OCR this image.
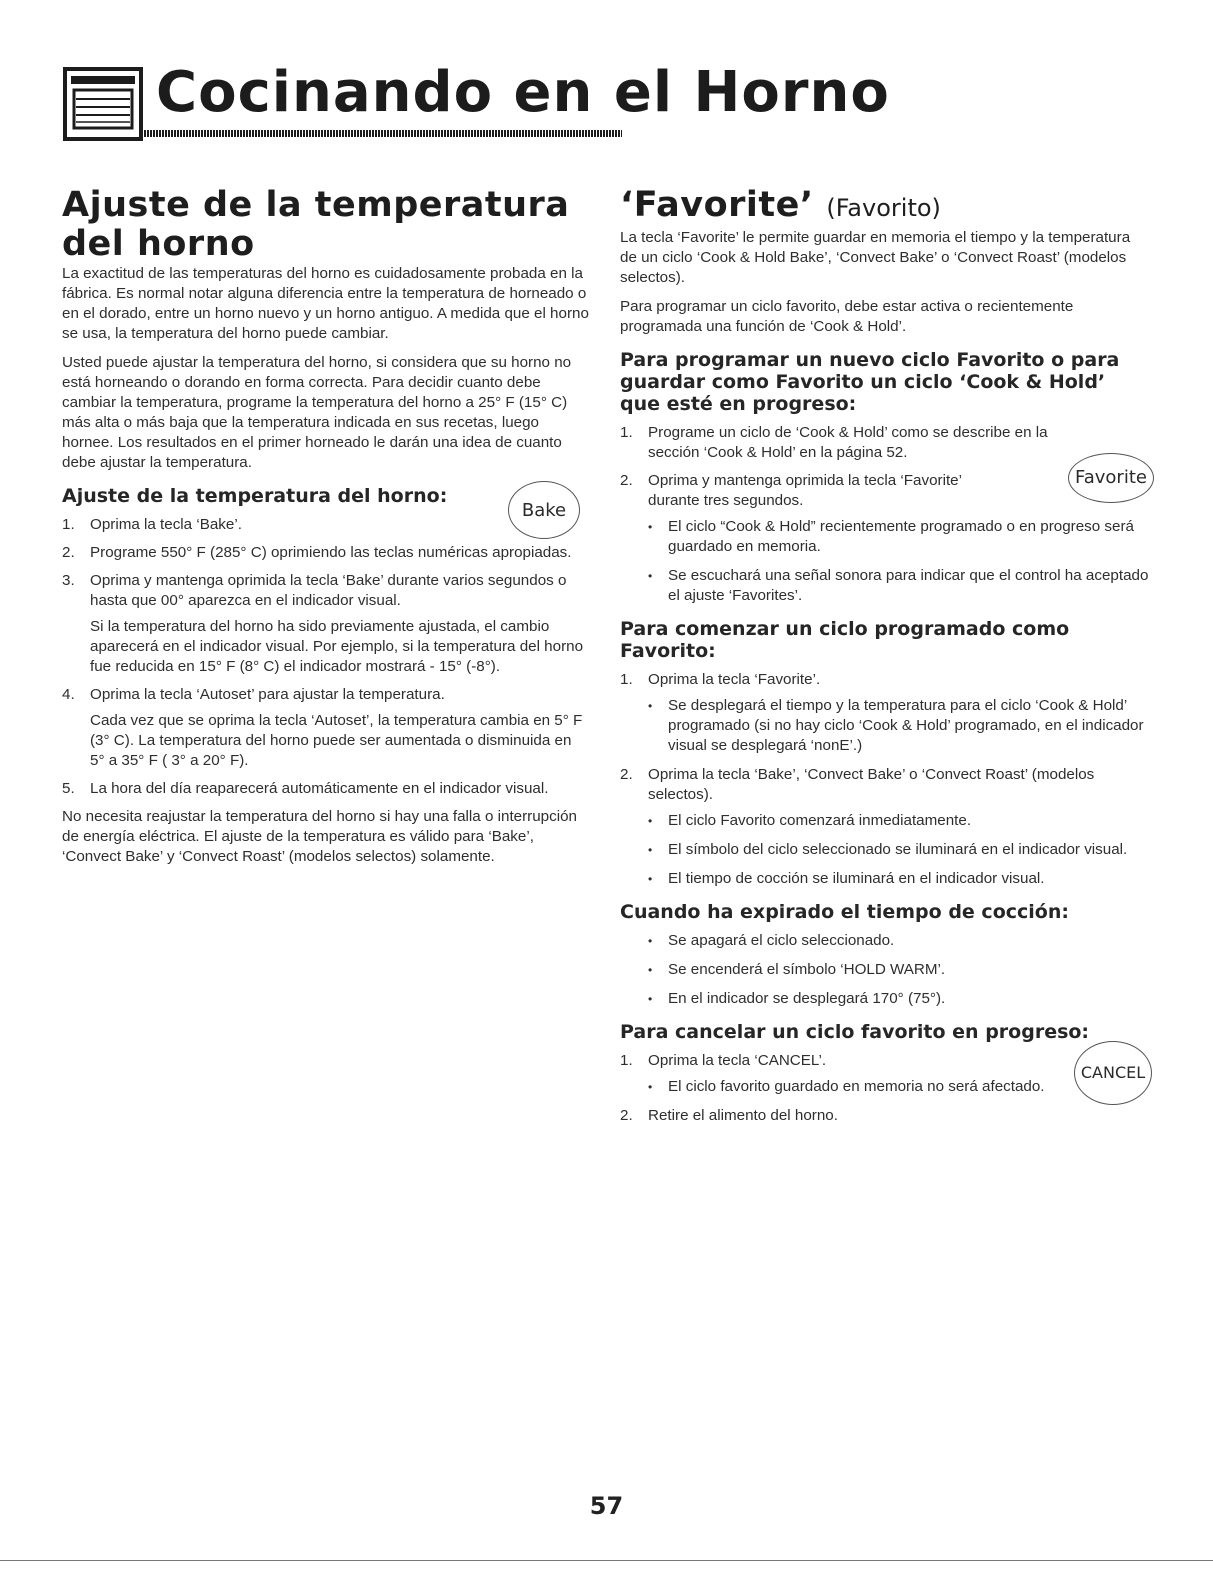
Cocinando en el Horno
Ajuste de la temperatura del horno

La exactitud de las temperaturas del horno es cuidadosamente probada en la fábrica. Es normal notar alguna diferencia entre la temperatura de horneado o en el dorado, entre un horno nuevo y un horno antiguo. A medida que el horno se usa, la temperatura del horno puede cambiar.

Usted puede ajustar la temperatura del horno, si considera que su horno no está horneando o dorando en forma correcta. Para decidir cuanto debe cambiar la temperatura, programe la temperatura del horno a 25° F (15° C) más alta o más baja que la temperatura indicada en sus recetas, luego hornee. Los resultados en el primer horneado le darán una idea de cuanto debe ajustar la temperatura.

Ajuste de la temperatura del horno:
Bake
1. Oprima la tecla ‘Bake’.
2. Programe 550° F (285° C) oprimiendo las teclas numéricas apropiadas.
3. Oprima y mantenga oprimida la tecla ‘Bake’ durante varios segundos o hasta que 00° aparezca en el indicador visual.
Si la temperatura del horno ha sido previamente ajustada, el cambio aparecerá en el indicador visual. Por ejemplo, si la temperatura del horno fue reducida en 15° F (8° C) el indicador mostrará - 15° (-8°).
4. Oprima la tecla ‘Autoset’ para ajustar la temperatura.
Cada vez que se oprima la tecla ‘Autoset’, la temperatura cambia en 5° F (3° C). La temperatura del horno puede ser aumentada o disminuida en 5° a 35° F ( 3° a 20° F).
5. La hora del día reaparecerá automáticamente en el indicador visual.

No necesita reajustar la temperatura del horno si hay una falla o interrupción de energía eléctrica. El ajuste de la temperatura es válido para ‘Bake’, ‘Convect Bake’ y ‘Convect Roast’ (modelos selectos) solamente.

‘Favorite’ (Favorito)

La tecla ‘Favorite’ le permite guardar en memoria el tiempo y la temperatura de un ciclo ‘Cook & Hold Bake’, ‘Convect Bake’ o ‘Convect Roast’ (modelos selectos).

Para programar un ciclo favorito, debe estar activa o recientemente programada una función de ‘Cook & Hold’.

Para programar un nuevo ciclo Favorito o para guardar como Favorito un ciclo ‘Cook & Hold’ que esté en progreso:
1. Programe un ciclo de ‘Cook & Hold’ como se describe en la sección ‘Cook & Hold’ en la página 52.
2. Oprima y mantenga oprimida la tecla ‘Favorite’ durante tres segundos.
Favorite
• El ciclo “Cook & Hold” recientemente programado o en progreso será guardado en memoria.
• Se escuchará una señal sonora para indicar que el control ha aceptado el ajuste ‘Favorites’.
Para comenzar un ciclo programado como Favorito:
1. Oprima la tecla ‘Favorite’.
• Se desplegará el tiempo y la temperatura para el ciclo ‘Cook & Hold’ programado (si no hay ciclo ‘Cook & Hold’ programado, en el indicador visual se desplegará ‘nonE’.)
2. Oprima la tecla ‘Bake’, ‘Convect Bake’ o ‘Convect Roast’ (modelos selectos).
• El ciclo Favorito comenzará inmediatamente.
• El símbolo del ciclo seleccionado se iluminará en el indicador visual.
• El tiempo de cocción se iluminará en el indicador visual.
Cuando ha expirado el tiempo de cocción:
• Se apagará el ciclo seleccionado.
• Se encenderá el símbolo ‘HOLD WARM’.
• En el indicador se desplegará 170° (75°).
Para cancelar un ciclo favorito en progreso:
1. Oprima la tecla ‘CANCEL’.
CANCEL
• El ciclo favorito guardado en memoria no será afectado.
2. Retire el alimento del horno.
57
